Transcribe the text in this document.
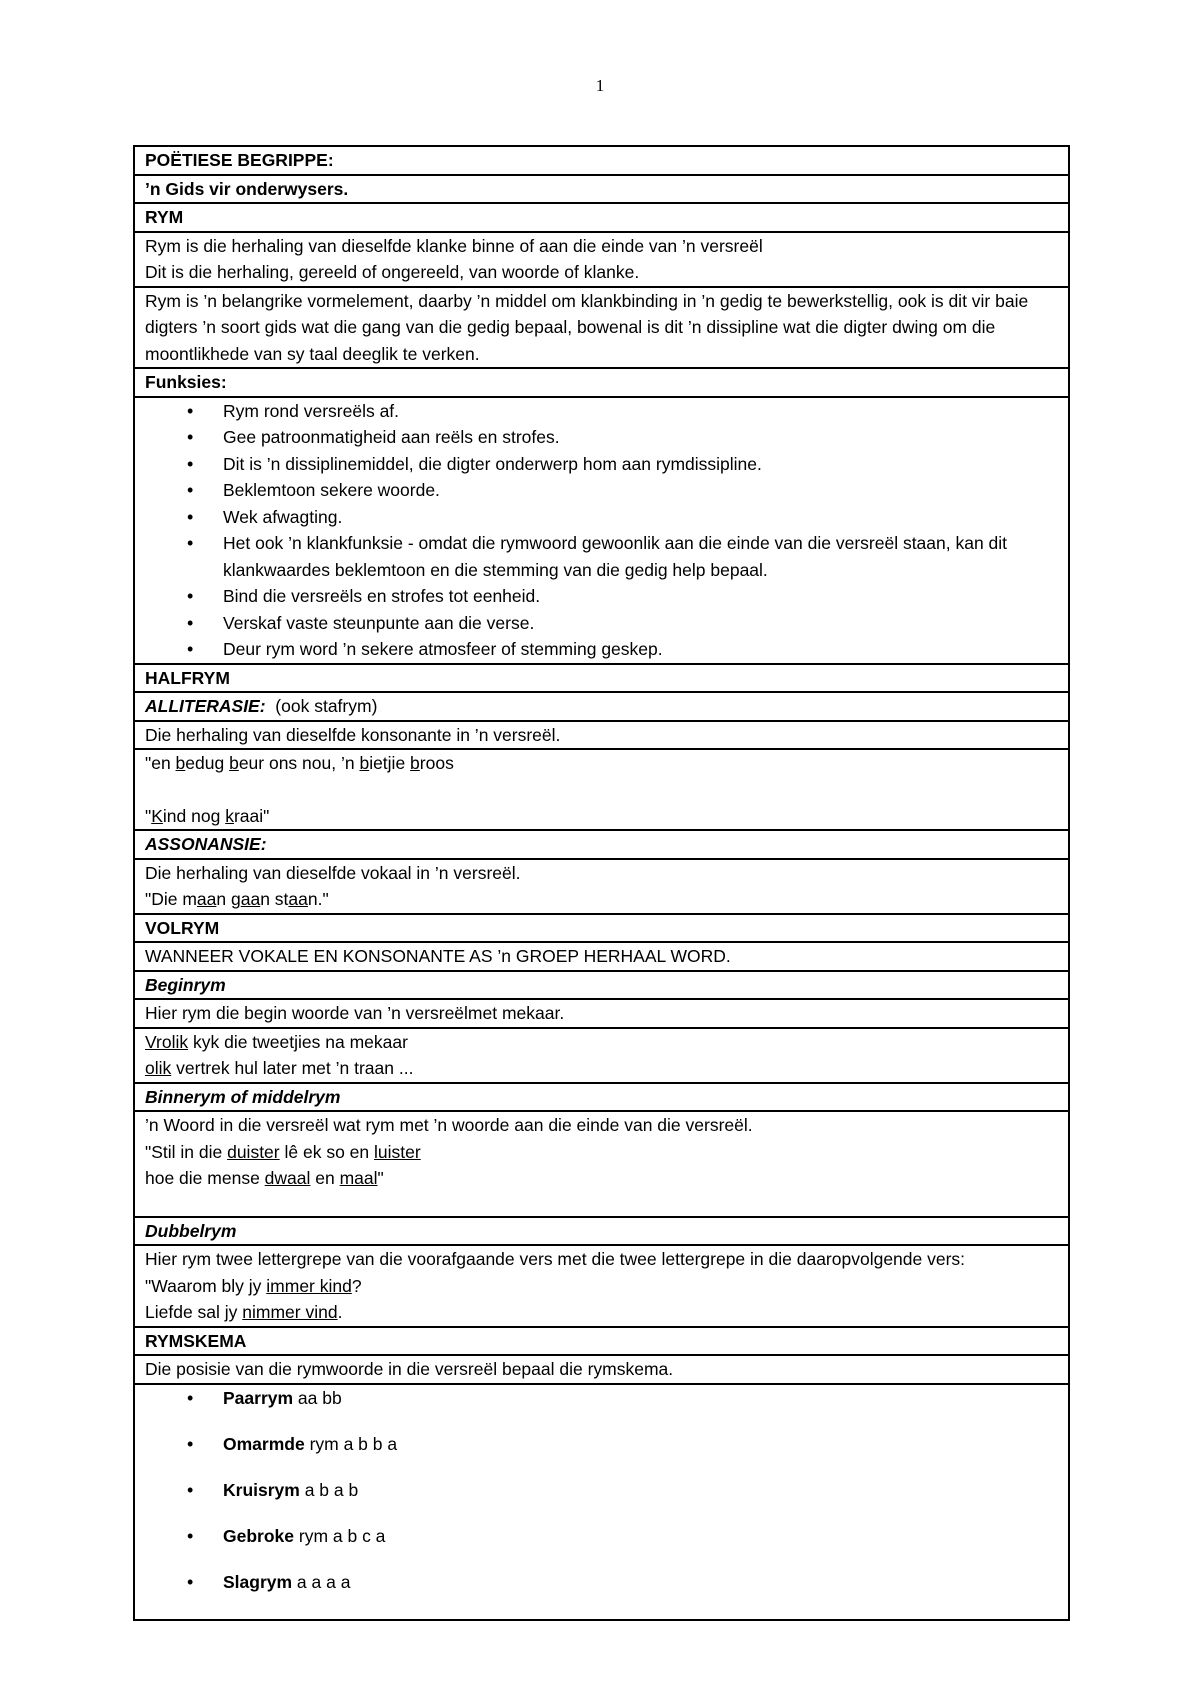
1
POËTIESE BEGRIPPE:
’n Gids vir onderwysers.
RYM
Rym is die herhaling van dieselfde klanke binne of aan die einde van ’n versreël
Dit is die herhaling, gereeld of ongereeld, van woorde of klanke.
Rym is ’n belangrike vormelement, daarby ’n middel om klankbinding in ’n gedig te bewerkstellig, ook is dit vir baie digters ’n soort gids wat die gang van die gedig bepaal, bowenal is dit ’n dissipline wat die digter dwing om die moontlikhede van sy taal deeglik te verken.
Funksies:
• Rym rond versreëls af.
• Gee patroonmatigheid aan reëls en strofes.
• Dit is ’n dissiplinemiddel, die digter onderwerp hom aan rymdissipline.
• Beklemtoon sekere woorde.
• Wek afwagting.
• Het ook ’n klankfunksie - omdat die rymwoord gewoonlik aan die einde van die versreël staan, kan dit klankwaardes beklemtoon en die stemming van die gedig help bepaal.
• Bind die versreëls en strofes tot eenheid.
• Verskaf vaste steunpunte aan die verse.
• Deur rym word ’n sekere atmosfeer of stemming geskep.
HALFRYM
ALLITERASIE: (ook stafrym)
Die herhaling van dieselfde konsonante in ’n versreël.
"en bedug beur ons nou, ’n bietjie broos
"Kind nog kraai"
ASSONANSIE:
Die herhaling van dieselfde vokaal in ’n versreël.
"Die maan gaan staan."
VOLRYM
WANNEER VOKALE EN KONSONANTE AS ’n GROEP HERHAAL WORD.
Beginrym
Hier rym die begin woorde van ’n versreëlmet mekaar.
Vrolik kyk die tweetjies na mekaar
olik vertrek hul later met ’n traan ...
Binnerym of middelrym
’n Woord in die versreël wat rym met ’n woorde aan die einde van die versreël.
"Stil in die duister lê ek so en luister
hoe die mense dwaal en maal"
Dubbelrym
Hier rym twee lettergrepe van die voorafgaande vers met die twee lettergrepe in die daaropvolgende vers:
"Waarom bly jy immer kind?
Liefde sal jy nimmer vind.
RYMSKEMA
Die posisie van die rymwoorde in die versreël bepaal die rymskema.
• Paarrym aa bb
• Omarmde rym a b b a
• Kruisrym a b a b
• Gebroke rym a b c a
• Slagrym a a a a
